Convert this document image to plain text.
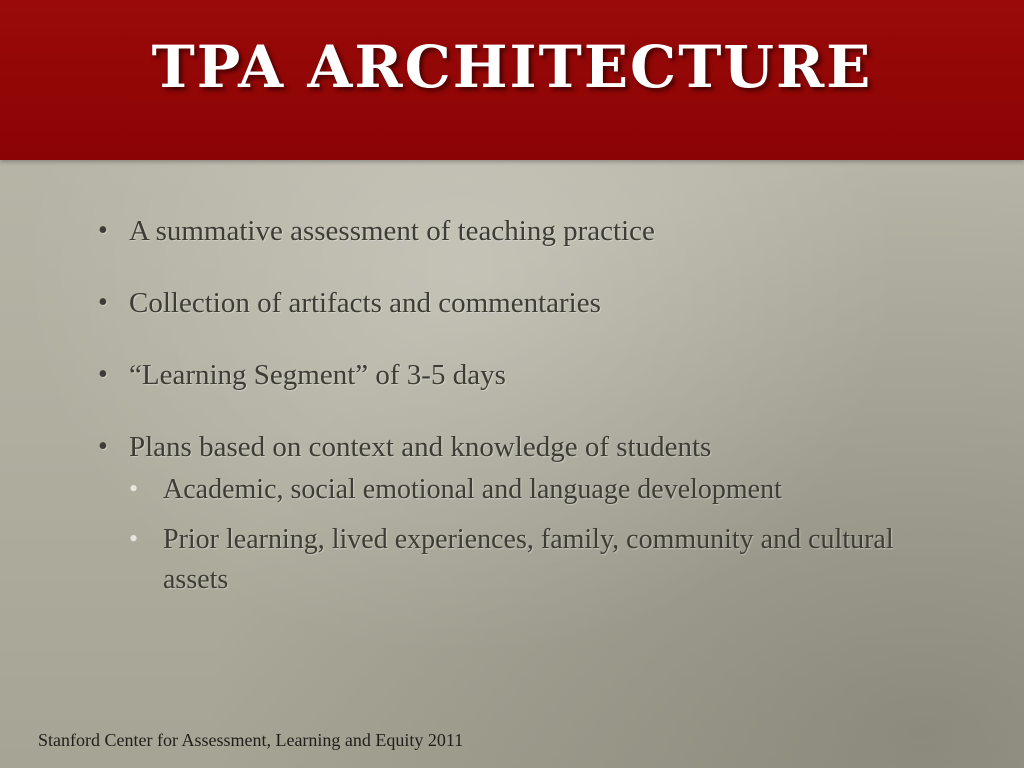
TPA ARCHITECTURE
• A summative assessment of teaching practice
• Collection of artifacts and commentaries
• “Learning Segment” of 3-5 days
• Plans based on context and knowledge of students
• Academic, social emotional and language development
• Prior learning, lived experiences, family, community and cultural assets
Stanford Center for Assessment, Learning and Equity 2011
